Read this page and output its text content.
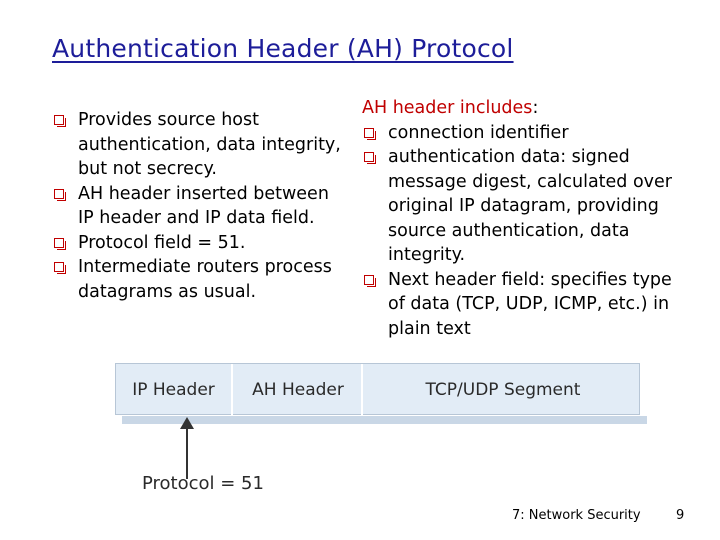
Authentication Header (AH) Protocol

Provides source host authentication, data integrity, but not secrecy.

AH header inserted between IP header and IP data field.

Protocol field = 51.

Intermediate routers process datagrams as usual.

AH header includes:

connection identifier

authentication data: signed message digest, calculated over original IP datagram, providing source authentication, data integrity.

Next header field: specifies type of data (TCP, UDP, ICMP, etc.) in plain text

IP Header	AH Header	TCP/UDP Segment
Protocol = 51
7: Network Security	9
